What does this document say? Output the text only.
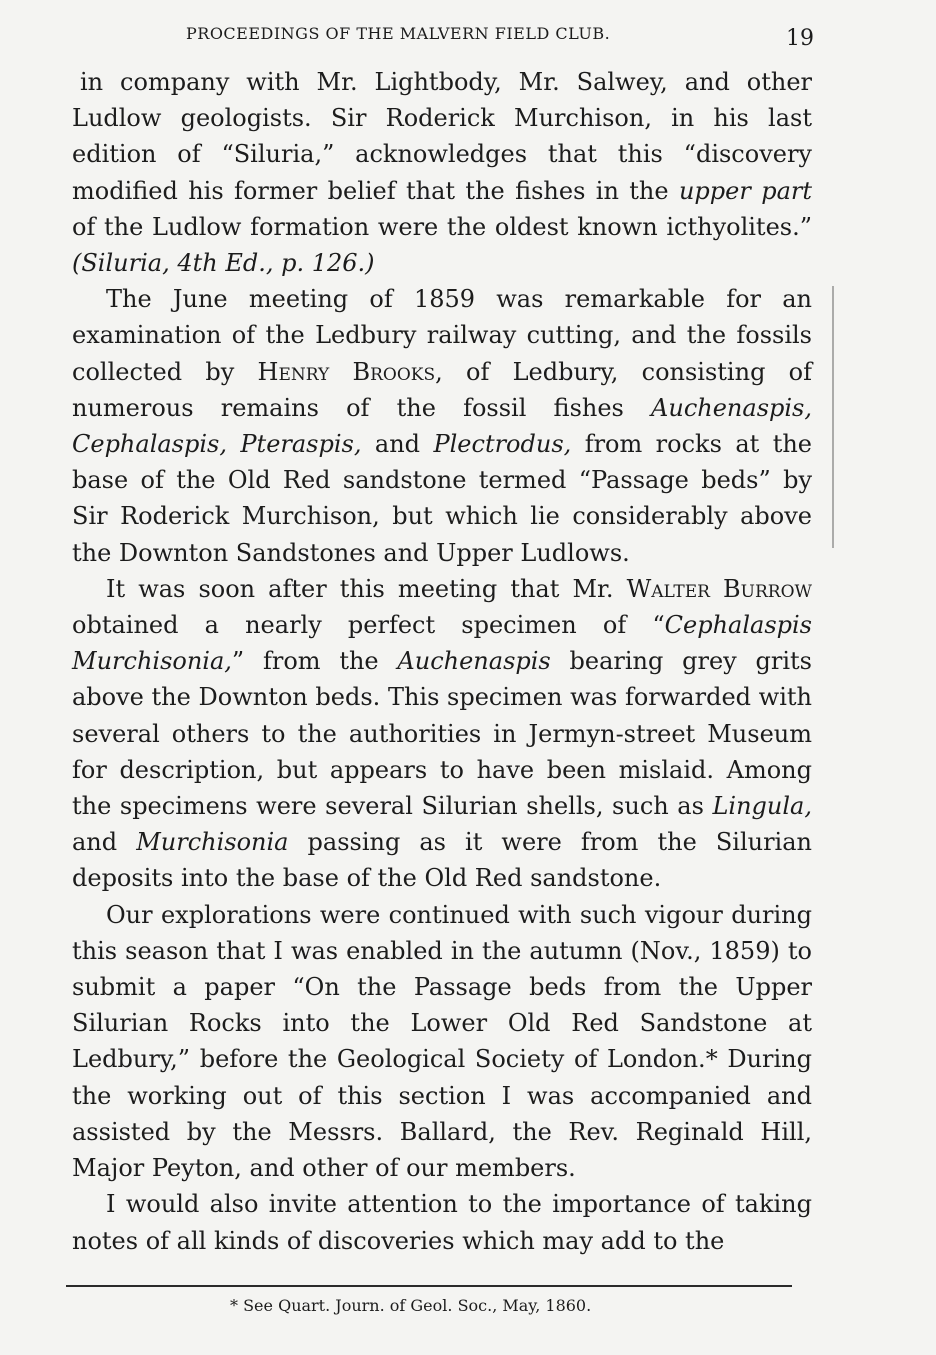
PROCEEDINGS OF THE MALVERN FIELD CLUB.	19

in company with Mr. Lightbody, Mr. Salwey, and other Ludlow geologists. Sir Roderick Murchison, in his last edition of “Siluria,” acknowledges that this “discovery modified his former belief that the fishes in the upper part of the Ludlow formation were the oldest known icthyolites.” (Siluria, 4th Ed., p. 126.)

The June meeting of 1859 was remarkable for an examination of the Ledbury railway cutting, and the fossils collected by Henry Brooks, of Ledbury, consisting of numerous remains of the fossil fishes Auchenaspis, Cephalaspis, Pteraspis, and Plectrodus, from rocks at the base of the Old Red sandstone termed “Passage beds” by Sir Roderick Murchison, but which lie considerably above the Downton Sandstones and Upper Ludlows.

It was soon after this meeting that Mr. Walter Burrow obtained a nearly perfect specimen of “Cephalaspis Murchisonia,” from the Auchenaspis bearing grey grits above the Downton beds. This specimen was forwarded with several others to the authorities in Jermyn-street Museum for description, but appears to have been mislaid. Among the specimens were several Silurian shells, such as Lingula, and Murchisonia passing as it were from the Silurian deposits into the base of the Old Red sandstone.

Our explorations were continued with such vigour during this season that I was enabled in the autumn (Nov., 1859) to submit a paper “On the Passage beds from the Upper Silurian Rocks into the Lower Old Red Sandstone at Ledbury,” before the Geological Society of London.* During the working out of this section I was accompanied and assisted by the Messrs. Ballard, the Rev. Reginald Hill, Major Peyton, and other of our members.

I would also invite attention to the importance of taking notes of all kinds of discoveries which may add to the

* See Quart. Journ. of Geol. Soc., May, 1860.
